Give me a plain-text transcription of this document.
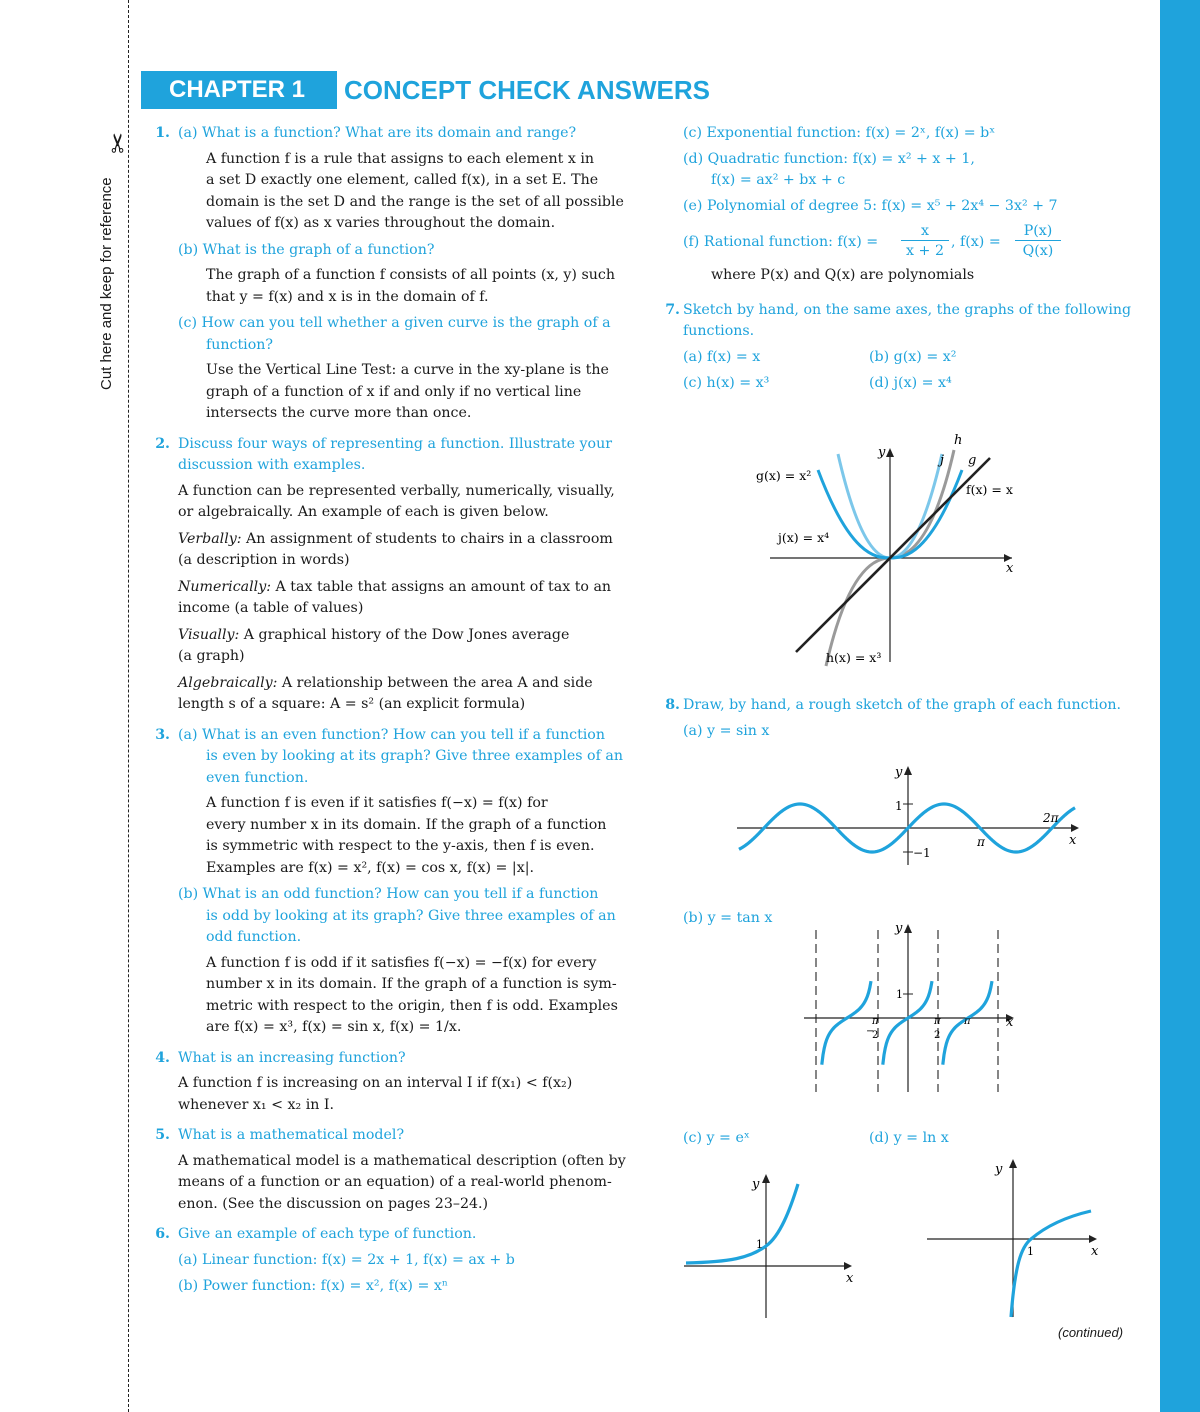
Cut here and keep for reference
✂
CHAPTER 1	CONCEPT CHECK ANSWERS
1. (a) What is a function? What are its domain and range?
A function f is a rule that assigns to each element x in
a set D exactly one element, called f(x), in a set E. The
domain is the set D and the range is the set of all possible
values of f(x) as x varies throughout the domain.
(b) What is the graph of a function?
The graph of a function f consists of all points (x, y) such
that y = f(x) and x is in the domain of f.
(c) How can you tell whether a given curve is the graph of a
function?
Use the Vertical Line Test: a curve in the xy-plane is the
graph of a function of x if and only if no vertical line
intersects the curve more than once.
2. Discuss four ways of representing a function. Illustrate your
discussion with examples.
A function can be represented verbally, numerically, visually,
or algebraically. An example of each is given below.
Verbally: An assignment of students to chairs in a classroom
(a description in words)
Numerically: A tax table that assigns an amount of tax to an
income (a table of values)
Visually: A graphical history of the Dow Jones average
(a graph)
Algebraically: A relationship between the area A and side
length s of a square: A = s² (an explicit formula)
3. (a) What is an even function? How can you tell if a function
is even by looking at its graph? Give three examples of an
even function.
A function f is even if it satisfies f(−x) = f(x) for
every number x in its domain. If the graph of a function
is symmetric with respect to the y-axis, then f is even.
Examples are f(x) = x², f(x) = cos x, f(x) = |x|.
(b) What is an odd function? How can you tell if a function
is odd by looking at its graph? Give three examples of an
odd function.
A function f is odd if it satisfies f(−x) = −f(x) for every
number x in its domain. If the graph of a function is sym-
metric with respect to the origin, then f is odd. Examples
are f(x) = x³, f(x) = sin x, f(x) = 1/x.
4. What is an increasing function?
A function f is increasing on an interval I if f(x₁) < f(x₂)
whenever x₁ < x₂ in I.
5. What is a mathematical model?
A mathematical model is a mathematical description (often by
means of a function or an equation) of a real-world phenom-
enon. (See the discussion on pages 23–24.)
6. Give an example of each type of function.
(a) Linear function: f(x) = 2x + 1, f(x) = ax + b
(b) Power function: f(x) = x², f(x) = xⁿ
(c) Exponential function: f(x) = 2ˣ, f(x) = bˣ
(d) Quadratic function: f(x) = x² + x + 1,
f(x) = ax² + bx + c
(e) Polynomial of degree 5: f(x) = x⁵ + 2x⁴ − 3x² + 7
(f) Rational function: f(x) =
x
x + 2
, f(x) =
P(x)
Q(x)
where P(x) and Q(x) are polynomials
7. Sketch by hand, on the same axes, the graphs of the following
functions.
(a) f(x) = x	(b) g(x) = x²
(c) h(x) = x³	(d) j(x) = x⁴
y
x
g(x) = x²
j(x) = x⁴
f(x) = x
h(x) = x³
h
j g
8. Draw, by hand, a rough sketch of the graph of each function.
(a) y = sin x
(b) y = tan x
(c) y = eˣ	(d) y = ln x
y
x
1
−1
π
2π
y
x
1
−
π
2
π
2
π
y
x
1
y
x
1
(continued)
